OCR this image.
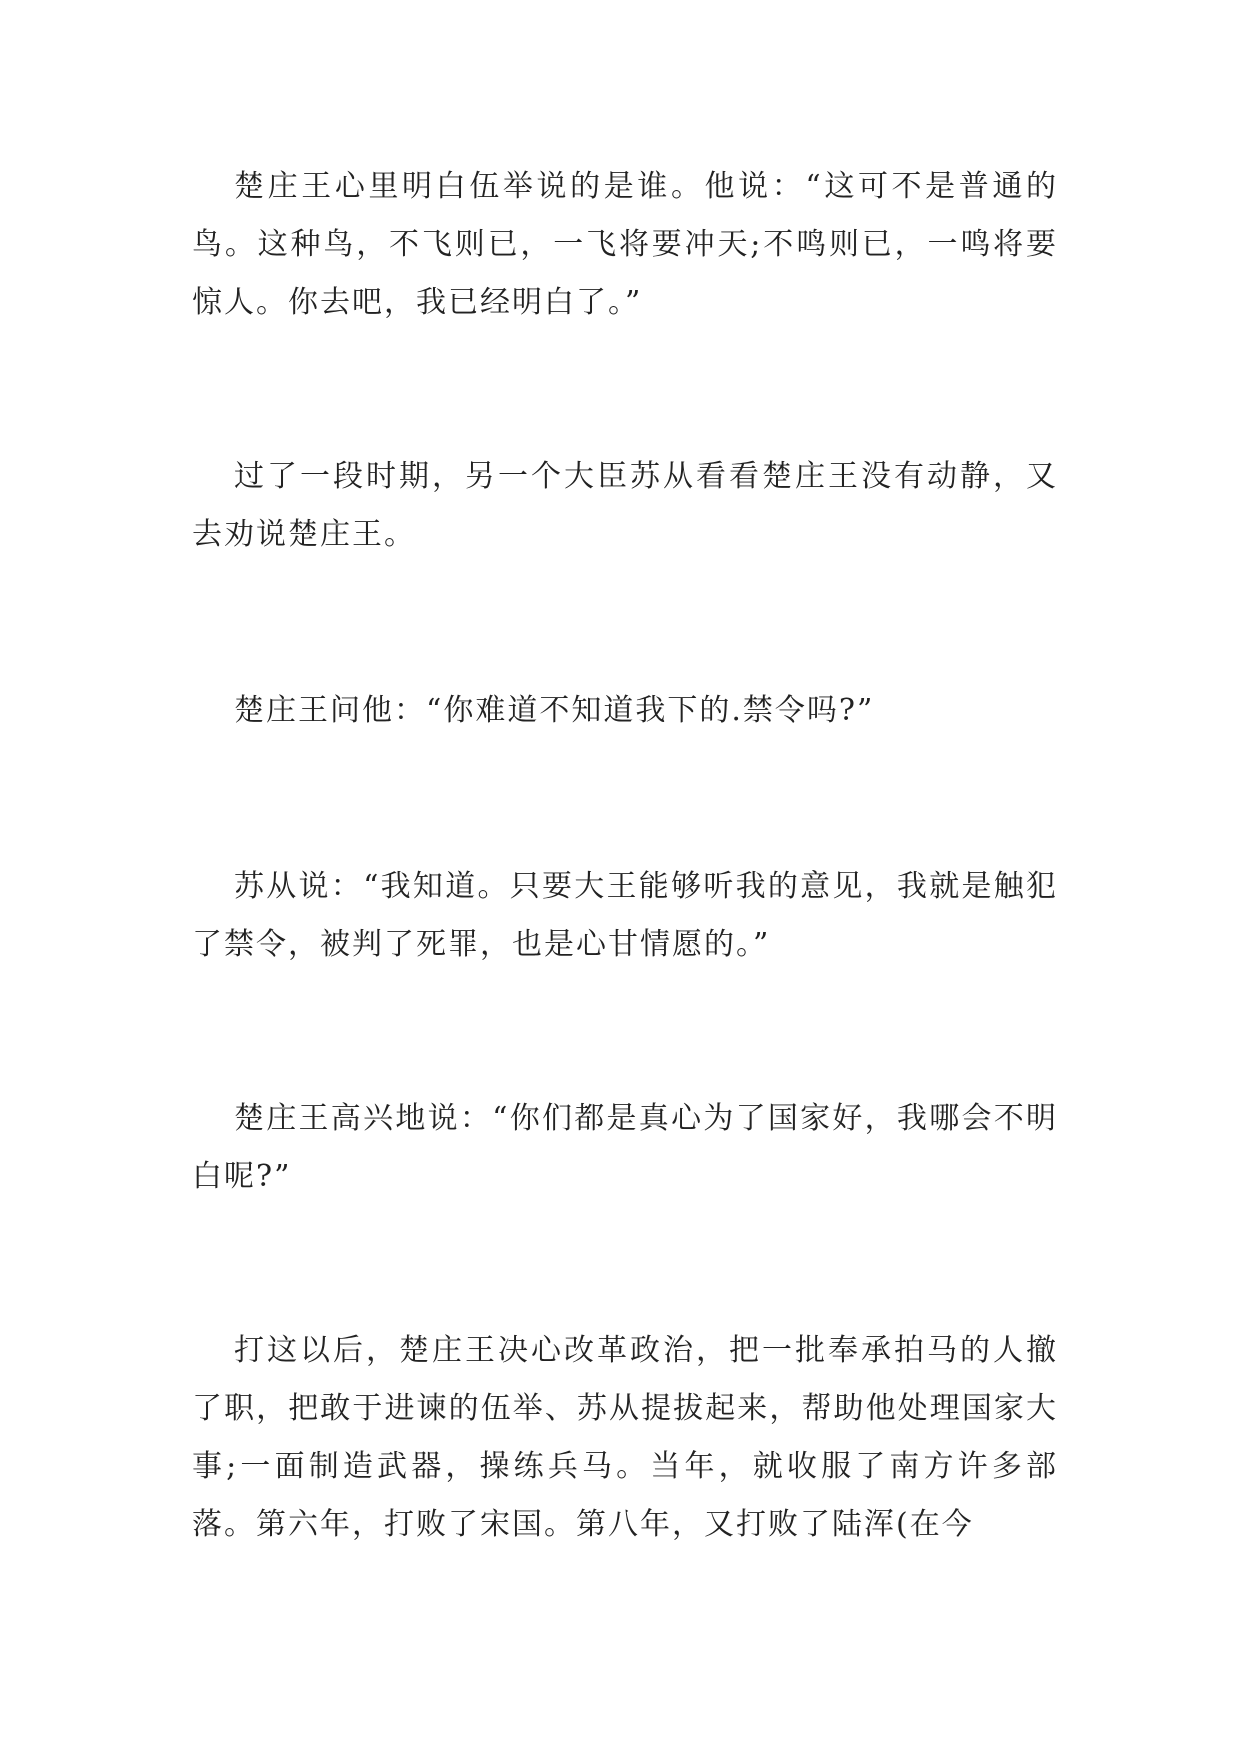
楚庄王心里明白伍举说的是谁。他说：“这可不是普通的鸟。这种鸟，不飞则已，一飞将要冲天;不鸣则已，一鸣将要惊人。你去吧，我已经明白了。”

过了一段时期，另一个大臣苏从看看楚庄王没有动静，又去劝说楚庄王。

楚庄王问他：“你难道不知道我下的.禁令吗?”

苏从说：“我知道。只要大王能够听我的意见，我就是触犯了禁令，被判了死罪，也是心甘情愿的。”

楚庄王高兴地说：“你们都是真心为了国家好，我哪会不明白呢?”

打这以后，楚庄王决心改革政治，把一批奉承拍马的人撤了职，把敢于进谏的伍举、苏从提拔起来，帮助他处理国家大事;一面制造武器，操练兵马。当年，就收服了南方许多部落。第六年，打败了宋国。第八年，又打败了陆浑(在今
